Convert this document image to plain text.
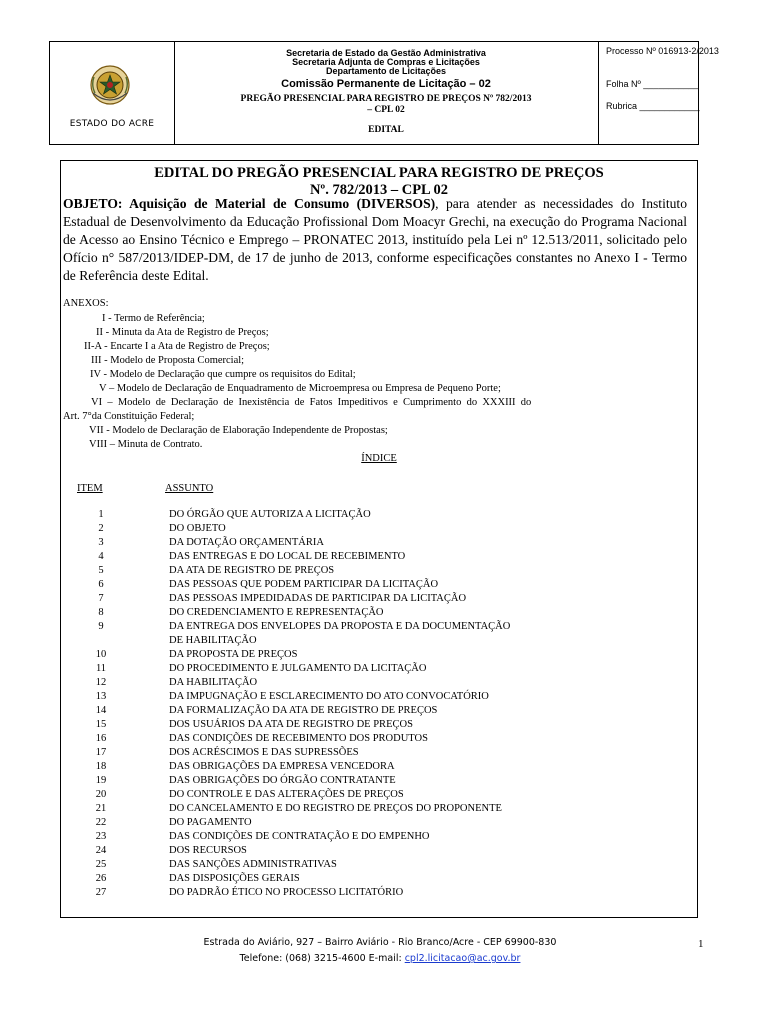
ESTADO DO ACRE
Secretaria de Estado da Gestão Administrativa
Secretaria Adjunta de Compras e Licitações
Departamento de Licitações
Comissão Permanente de Licitação – 02
PREGÃO PRESENCIAL PARA REGISTRO DE PREÇOS Nº 782/2013
– CPL 02
EDITAL
Processo Nº 016913-2/2013
Folha Nº ___________
Rubrica ____________
EDITAL DO PREGÃO PRESENCIAL PARA REGISTRO DE PREÇOS
Nº. 782/2013 – CPL 02
OBJETO: Aquisição de Material de Consumo (DIVERSOS), para atender as necessidades do Instituto Estadual de Desenvolvimento da Educação Profissional Dom Moacyr Grechi, na execução do Programa Nacional de Acesso ao Ensino Técnico e Emprego – PRONATEC 2013, instituído pela Lei nº 12.513/2011, solicitado pelo Ofício n° 587/2013/IDEP-DM, de 17 de junho de 2013, conforme especificações constantes no Anexo I - Termo de Referência deste Edital.
ANEXOS:
I - Termo de Referência;
II - Minuta da Ata de Registro de Preços;
II-A - Encarte I a Ata de Registro de Preços;
III - Modelo de Proposta Comercial;
IV - Modelo de Declaração que cumpre os requisitos do Edital;
V – Modelo de Declaração de Enquadramento de Microempresa ou Empresa de Pequeno Porte;
VI  –  Modelo  de  Declaração  de  Inexistência  de  Fatos  Impeditivos  e  Cumprimento  do  XXXIII  do
Art. 7°da Constituição Federal;
VII - Modelo de Declaração de Elaboração Independente de Propostas;
VIII – Minuta de Contrato.
ÍNDICE
ITEM	ASSUNTO
1	DO ÓRGÃO QUE AUTORIZA A LICITAÇÃO
2	DO OBJETO
3	DA DOTAÇÃO ORÇAMENTÁRIA
4	DAS ENTREGAS E DO LOCAL DE RECEBIMENTO
5	DA ATA DE REGISTRO DE PREÇOS
6	DAS PESSOAS QUE PODEM PARTICIPAR DA LICITAÇÃO
7	DAS PESSOAS IMPEDIDADAS DE PARTICIPAR DA LICITAÇÃO
8	DO CREDENCIAMENTO E REPRESENTAÇÃO
9	DA ENTREGA DOS ENVELOPES DA PROPOSTA E DA DOCUMENTAÇÃO
DE HABILITAÇÃO
10	DA PROPOSTA DE PREÇOS
11	DO PROCEDIMENTO E JULGAMENTO DA LICITAÇÃO
12	DA HABILITAÇÃO
13	DA IMPUGNAÇÃO E ESCLARECIMENTO DO ATO CONVOCATÓRIO
14	DA FORMALIZAÇÃO DA ATA DE REGISTRO DE PREÇOS
15	DOS USUÁRIOS DA ATA DE REGISTRO DE PREÇOS
16	DAS CONDIÇÕES DE RECEBIMENTO DOS PRODUTOS
17	DOS ACRÉSCIMOS E DAS SUPRESSÕES
18	DAS OBRIGAÇÕES DA EMPRESA VENCEDORA
19	DAS OBRIGAÇÕES DO ÓRGÃO CONTRATANTE
20	DO CONTROLE E DAS ALTERAÇÕES DE PREÇOS
21	DO CANCELAMENTO E DO REGISTRO DE PREÇOS DO PROPONENTE
22	DO PAGAMENTO
23	DAS CONDIÇÕES DE CONTRATAÇÃO E DO EMPENHO
24	DOS RECURSOS
25	DAS SANÇÕES ADMINISTRATIVAS
26	DAS DISPOSIÇÕES GERAIS
27	DO PADRÃO ÉTICO NO PROCESSO LICITATÓRIO
Estrada do Aviário, 927 – Bairro Aviário - Rio Branco/Acre - CEP 69900-830
Telefone: (068) 3215-4600 E-mail: cpl2.licitacao@ac.gov.br
1
